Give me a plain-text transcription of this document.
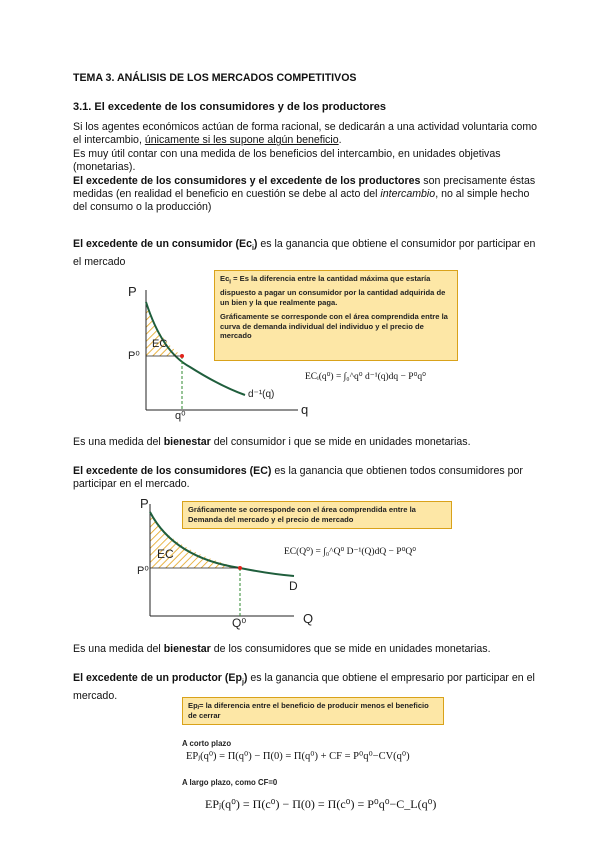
TEMA 3. ANÁLISIS DE LOS MERCADOS COMPETITIVOS
3.1. El excedente de los consumidores y de los productores

Si los agentes económicos actúan de forma racional, se dedicarán a una actividad voluntaria como el intercambio, únicamente si les supone algún beneficio.

Es muy útil contar con una medida de los beneficios del intercambio, en unidades objetivas (monetarias).

El excedente de los consumidores y el excedente de los productores son precisamente éstas medidas (en realidad el beneficio en cuestión se debe al acto del intercambio, no al simple hecho del consumo o la producción)

El excedente de un consumidor $(Ec_i)$ es la ganancia que obtiene el consumidor por participar en el mercado

P
q
EC
P⁰
q⁰
d⁻¹(q)
$Ec_i = Es$ la diferencia entre la cantidad máxima que estaría dispuesto a pagar un consumidor por la cantidad adquirida de un bien y la que realmente paga.
Gráficamente se corresponde con el área comprendida entre la curva de demanda individual del individuo y el precio de mercado
ECᵢ(q⁰) = ∫₀^q⁰ d⁻¹(q)dq − P⁰q⁰

Es una medida del bienestar del consumidor i que se mide en unidades monetarias.

El excedente de los consumidores (EC) es la ganancia que obtienen todos consumidores por participar en el mercado.

P
Q
EC
P⁰
Q⁰
D
Gráficamente se corresponde con el área comprendida entre la Demanda del mercado y el precio de mercado
EC(Q⁰) = ∫₀^Q⁰ D⁻¹(Q)dQ − P⁰Q⁰

Es una medida del bienestar de los consumidores que se mide en unidades monetarias.

El excedente de un productor $(Ep_j)$ es la ganancia que obtiene el empresario por participar en el mercado.

Epⱼ= la diferencia entre el beneficio de producir menos el beneficio de cerrar
A corto plazo
EPⱼ(q⁰) = Π(q⁰) − Π(0) = Π(q⁰) + CF = P⁰q⁰−CV(q⁰)
A largo plazo, como CF=0
EPⱼ(q⁰) = Π(c⁰) − Π(0) = Π(c⁰) = P⁰q⁰−C_L(q⁰)
